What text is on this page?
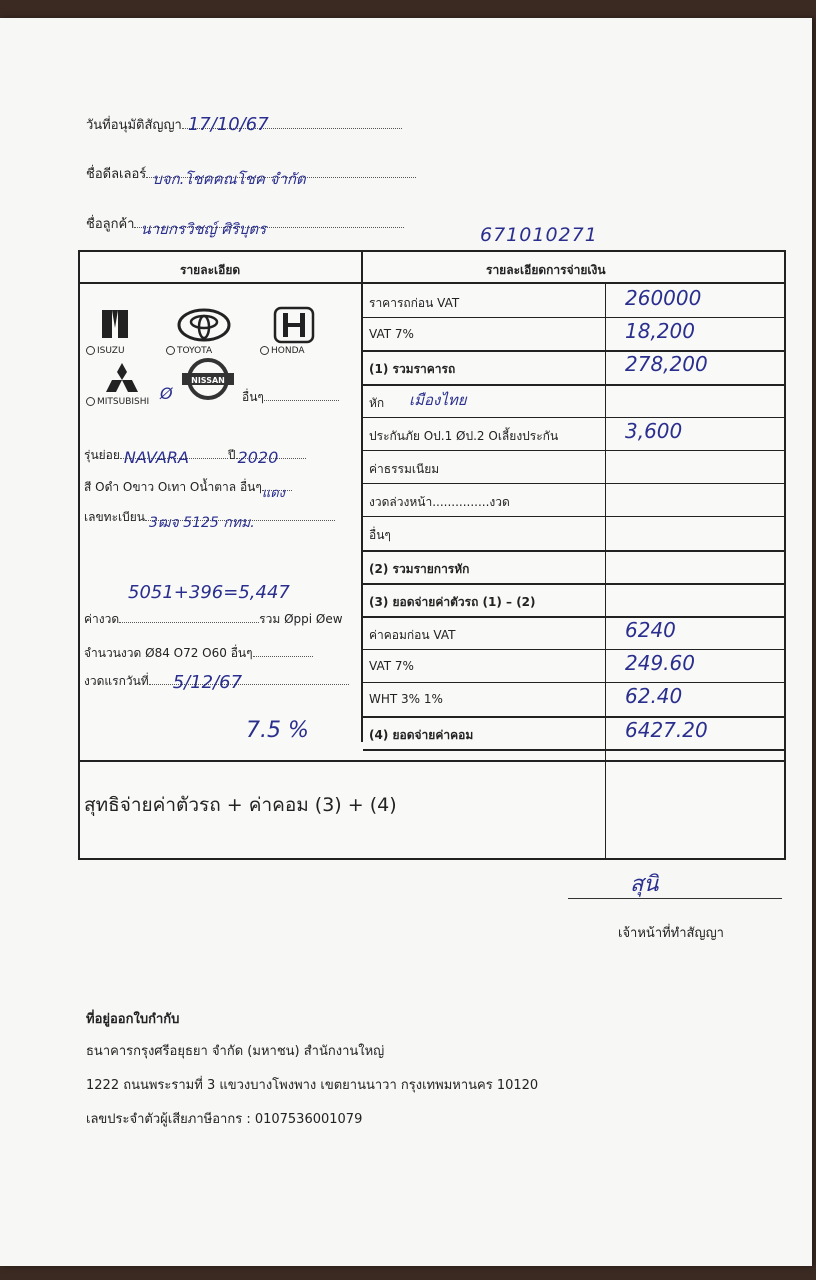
วันที่อนุมัติสัญญา 17/10/67
ชื่อดีลเลอร์ บจก.โชคคณโชค จำกัด
ชื่อลูกค้า นายกรวิชญ์ ศิริบุตร	671010271
รายละเอียด	รายละเอียดการจ่ายเงิน
ISUZU	TOYOTA	HONDA
MITSUBISHI Ø
NISSAN
อื่นๆ
รุ่นย่อย NAVARA	ปี 2020
สี Oดำ Oขาว Oเทา Oน้ำตาล อื่นๆ แดง
เลขทะเบียน 3ฒจ 5125 กทม.
5051+396=5,447
ค่างวด	รวม Øppi Øew
จำนวนงวด Ø84 O72 O60 อื่นๆ
งวดแรกวันที่ 5/12/67
7.5 %
ราคารถก่อน VAT	260000
VAT 7%	18,200
(1) รวมราคารถ	278,200
หัก เมืองไทย
ประกันภัย Oป.1 Øป.2 Oเลี้ยงประกัน	3,600
ค่าธรรมเนียม
งวดล่วงหน้า...............งวด
อื่นๆ
(2) รวมรายการหัก
(3) ยอดจ่ายค่าตัวรถ (1) – (2)
ค่าคอมก่อน VAT	6240
VAT 7%	249.60
WHT 3% 1%	62.40
(4) ยอดจ่ายค่าคอม	6427.20
สุทธิจ่ายค่าตัวรถ + ค่าคอม (3) + (4)
สุนิ
เจ้าหน้าที่ทำสัญญา
ที่อยู่ออกใบกำกับ
ธนาคารกรุงศรีอยุธยา จำกัด (มหาชน) สำนักงานใหญ่
1222 ถนนพระรามที่ 3 แขวงบางโพงพาง เขตยานนาวา กรุงเทพมหานคร 10120
เลขประจำตัวผู้เสียภาษีอากร : 0107536001079
